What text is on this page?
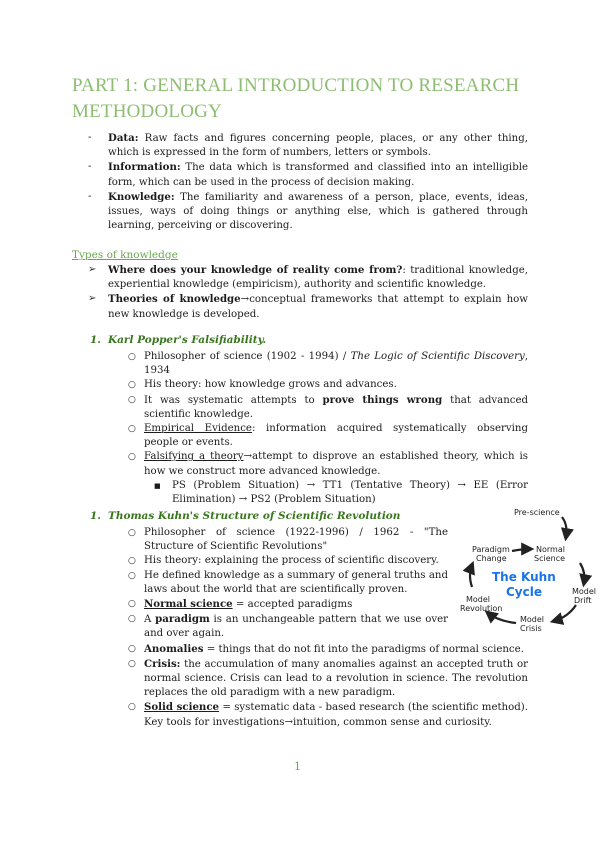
PART 1: GENERAL INTRODUCTION TO RESEARCH METHODOLOGY
- Data: Raw facts and figures concerning people, places, or any other thing, which is expressed in the form of numbers, letters or symbols.
- Information: The data which is transformed and classified into an intelligible form, which can be used in the process of decision making.
- Knowledge: The familiarity and awareness of a person, place, events, ideas, issues, ways of doing things or anything else, which is gathered through learning, perceiving or discovering.
Types of knowledge
➢ Where does your knowledge of reality come from?: traditional knowledge, experiential knowledge (empiricism), authority and scientific knowledge.
➢ Theories of knowledge→conceptual frameworks that attempt to explain how new knowledge is developed.
1. Karl Popper's Falsifiability.
○ Philosopher of science (1902 - 1994) / The Logic of Scientific Discovery, 1934
○ His theory: how knowledge grows and advances.
○ It was systematic attempts to prove things wrong that advanced scientific knowledge.
○ Empirical Evidence: information acquired systematically observing people or events.
○ Falsifying a theory→attempt to disprove an established theory, which is how we construct more advanced knowledge.
■ PS (Problem Situation) → TT1 (Tentative Theory) → EE (Error Elimination) → PS2 (Problem Situation)
1. Thomas Kuhn's Structure of Scientific Revolution
○ Philosopher of science (1922-1996) / 1962 - "The Structure of Scientific Revolutions"
○ His theory: explaining the process of scientific discovery.
○ He defined knowledge as a summary of general truths and laws about the world that are scientifically proven.
○ Normal science = accepted paradigms
○ A paradigm is an unchangeable pattern that we use over and over again.
○ Anomalies = things that do not fit into the paradigms of normal science.
○ Crisis: the accumulation of many anomalies against an accepted truth or normal science. Crisis can lead to a revolution in science. The revolution replaces the old paradigm with a new paradigm.
○ Solid science = systematic data - based research (the scientific method). Key tools for investigations→intuition, common sense and curiosity.
Pre-science
Normal
Science
Model
Drift
Model
Crisis
Model
Revolution
Paradigm
Change
The Kuhn
Cycle
1
